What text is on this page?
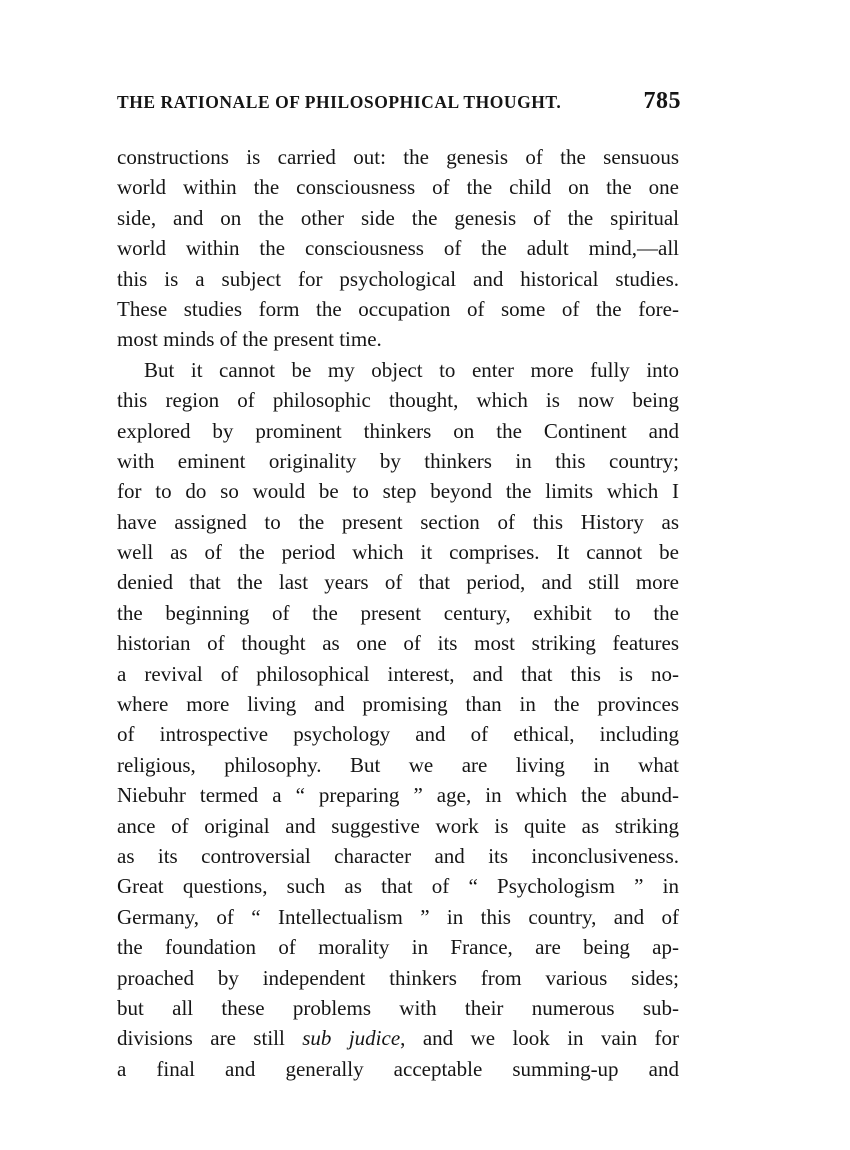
THE RATIONALE OF PHILOSOPHICAL THOUGHT.	785
constructions is carried out: the genesis of the sensuous
world within the consciousness of the child on the one
side, and on the other side the genesis of the spiritual
world within the consciousness of the adult mind,—all
this is a subject for psychological and historical studies.
These studies form the occupation of some of the fore-
most minds of the present time.
But it cannot be my object to enter more fully into
this region of philosophic thought, which is now being
explored by prominent thinkers on the Continent and
with eminent originality by thinkers in this country;
for to do so would be to step beyond the limits which I
have assigned to the present section of this History as
well as of the period which it comprises. It cannot be
denied that the last years of that period, and still more
the beginning of the present century, exhibit to the
historian of thought as one of its most striking features
a revival of philosophical interest, and that this is no-
where more living and promising than in the provinces
of introspective psychology and of ethical, including
religious, philosophy. But we are living in what
Niebuhr termed a “ preparing ” age, in which the abund-
ance of original and suggestive work is quite as striking
as its controversial character and its inconclusiveness.
Great questions, such as that of “ Psychologism ” in
Germany, of “ Intellectualism ” in this country, and of
the foundation of morality in France, are being ap-
proached by independent thinkers from various sides;
but all these problems with their numerous sub-
divisions are still sub judice, and we look in vain for
a final and generally acceptable summing-up and
